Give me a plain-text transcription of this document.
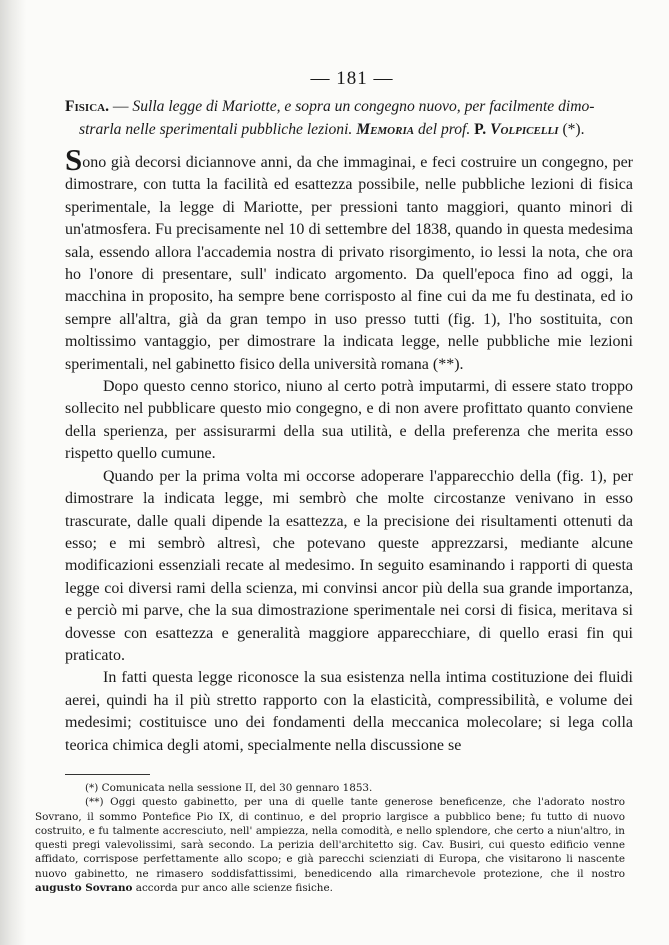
— 181 —
Fisica. — Sulla legge di Mariotte, e sopra un congegno nuovo, per facilmente dimo-
strarla nelle sperimentali pubbliche lezioni. Memoria del prof. P. Volpicelli (*).

Sono già decorsi diciannove anni, da che immaginai, e feci costruire un congegno, per dimostrare, con tutta la facilità ed esattezza possibile, nelle pubbliche lezioni di fisica sperimentale, la legge di Mariotte, per pressioni tanto maggiori, quanto minori di un'atmosfera. Fu precisamente nel 10 di settembre del 1838, quando in questa medesima sala, essendo allora l'accademia nostra di privato risorgimento, io lessi la nota, che ora ho l'onore di presentare, sull' indicato argomento. Da quell'epoca fino ad oggi, la macchina in proposito, ha sempre bene corrisposto al fine cui da me fu destinata, ed io sempre all'altra, già da gran tempo in uso presso tutti (fig. 1), l'ho sostituita, con moltissimo vantaggio, per dimostrare la indicata legge, nelle pubbliche mie lezioni sperimentali, nel gabinetto fisico della università romana (**).

Dopo questo cenno storico, niuno al certo potrà imputarmi, di essere stato troppo sollecito nel pubblicare questo mio congegno, e di non avere profittato quanto conviene della sperienza, per assisurarmi della sua utilità, e della preferenza che merita esso rispetto quello cumune.

Quando per la prima volta mi occorse adoperare l'apparecchio della (fig. 1), per dimostrare la indicata legge, mi sembrò che molte circostanze venivano in esso trascurate, dalle quali dipende la esattezza, e la precisione dei risultamenti ottenuti da esso; e mi sembrò altresì, che potevano queste apprezzarsi, mediante alcune modificazioni essenziali recate al medesimo. In seguito esaminando i rapporti di questa legge coi diversi rami della scienza, mi convinsi ancor più della sua grande importanza, e perciò mi parve, che la sua dimostrazione sperimentale nei corsi di fisica, meritava si dovesse con esattezza e generalità maggiore apparecchiare, di quello erasi fin qui praticato.

In fatti questa legge riconosce la sua esistenza nella intima costituzione dei fluidi aerei, quindi ha il più stretto rapporto con la elasticità, compressibilità, e volume dei medesimi; costituisce uno dei fondamenti della meccanica molecolare; si lega colla teorica chimica degli atomi, specialmente nella discussione se

(*) Comunicata nella sessione II, del 30 gennaro 1853.

(**) Oggi questo gabinetto, per una di quelle tante generose beneficenze, che l'adorato nostro Sovrano, il sommo Pontefice Pio IX, di continuo, e del proprio largisce a pubblico bene; fu tutto di nuovo costruito, e fu talmente accresciuto, nell' ampiezza, nella comodità, e nello splendore, che certo a niun'altro, in questi pregi valevolissimi, sarà secondo. La perizia dell'architetto sig. Cav. Busiri, cui questo edificio venne affidato, corrispose perfettamente allo scopo; e già parecchi scienziati di Europa, che visitarono li nascente nuovo gabinetto, ne rimasero soddisfattissimi, benedicendo alla rimarchevole protezione, che il nostro augusto Sovrano accorda pur anco alle scienze fisiche.
